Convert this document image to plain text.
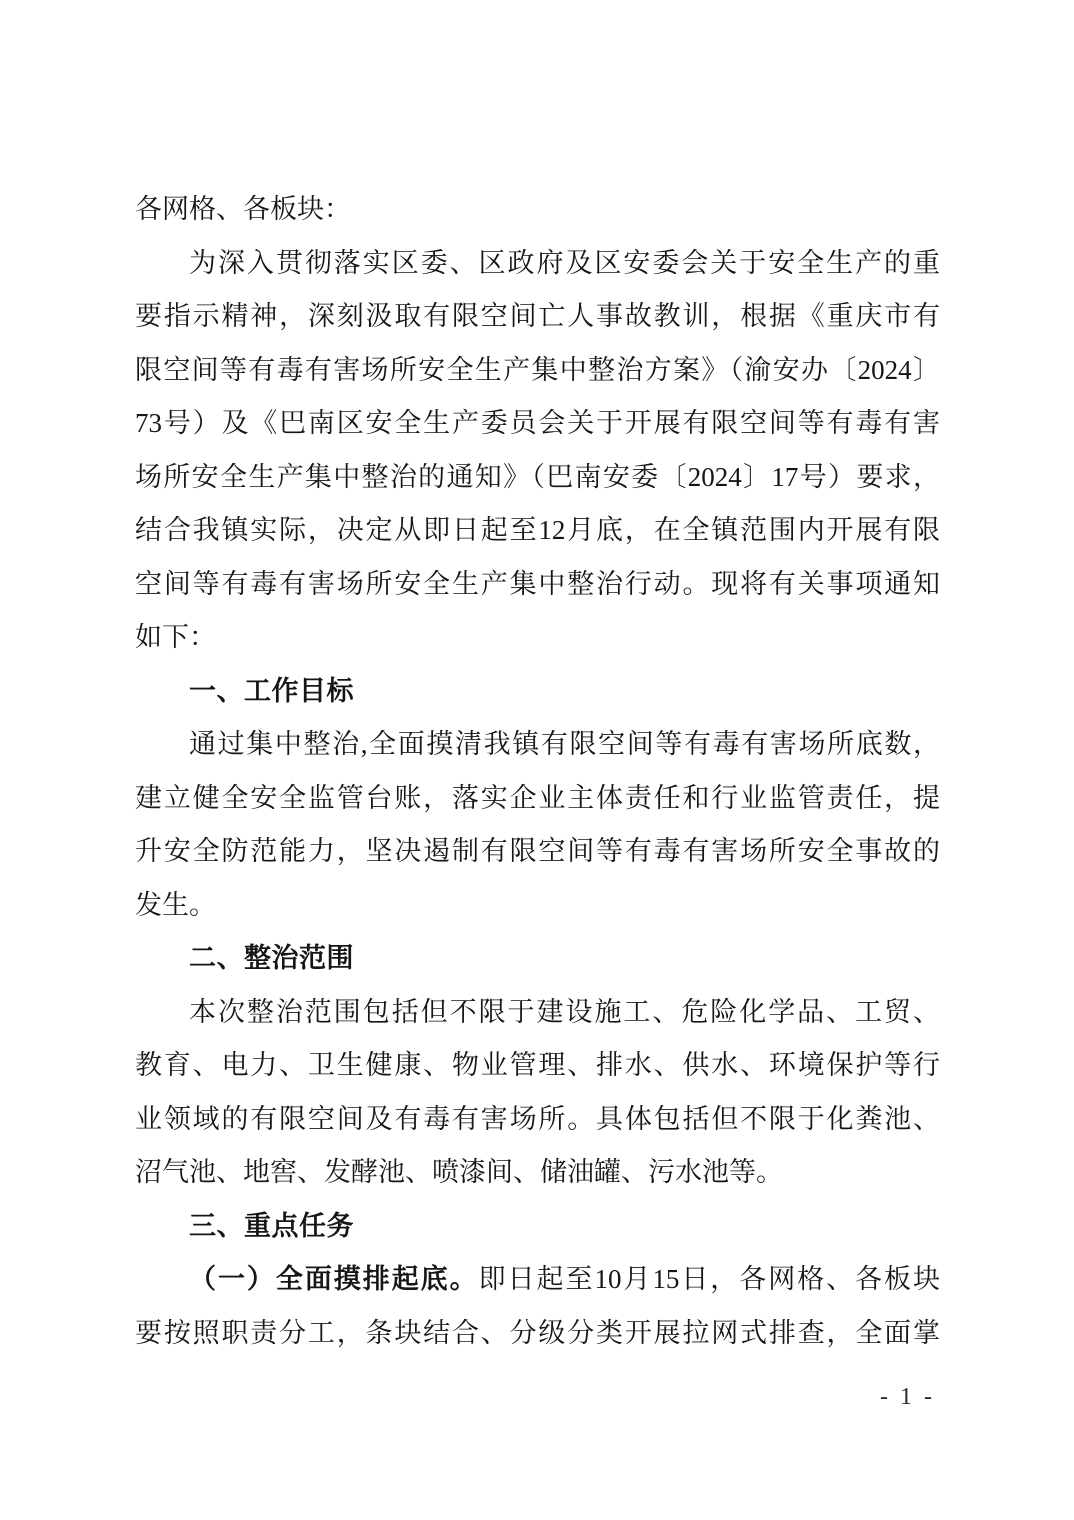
各网格、各板块：
为深入贯彻落实区委、区政府及区安委会关于安全生产的重
要指示精神，深刻汲取有限空间亡人事故教训，根据《重庆市有
限空间等有毒有害场所安全生产集中整治方案》（渝安办〔2024〕
73号）及《巴南区安全生产委员会关于开展有限空间等有毒有害
场所安全生产集中整治的通知》（巴南安委〔2024〕17号）要求，
结合我镇实际，决定从即日起至12月底，在全镇范围内开展有限
空间等有毒有害场所安全生产集中整治行动。现将有关事项通知
如下：
一、工作目标
通过集中整治,全面摸清我镇有限空间等有毒有害场所底数，
建立健全安全监管台账，落实企业主体责任和行业监管责任，提
升安全防范能力，坚决遏制有限空间等有毒有害场所安全事故的
发生。
二、整治范围
本次整治范围包括但不限于建设施工、危险化学品、工贸、
教育、电力、卫生健康、物业管理、排水、供水、环境保护等行
业领域的有限空间及有毒有害场所。具体包括但不限于化粪池、
沼气池、地窖、发酵池、喷漆间、储油罐、污水池等。
三、重点任务
（一）全面摸排起底。即日起至10月15日，各网格、各板块
要按照职责分工，条块结合、分级分类开展拉网式排查，全面掌
- 1 -
